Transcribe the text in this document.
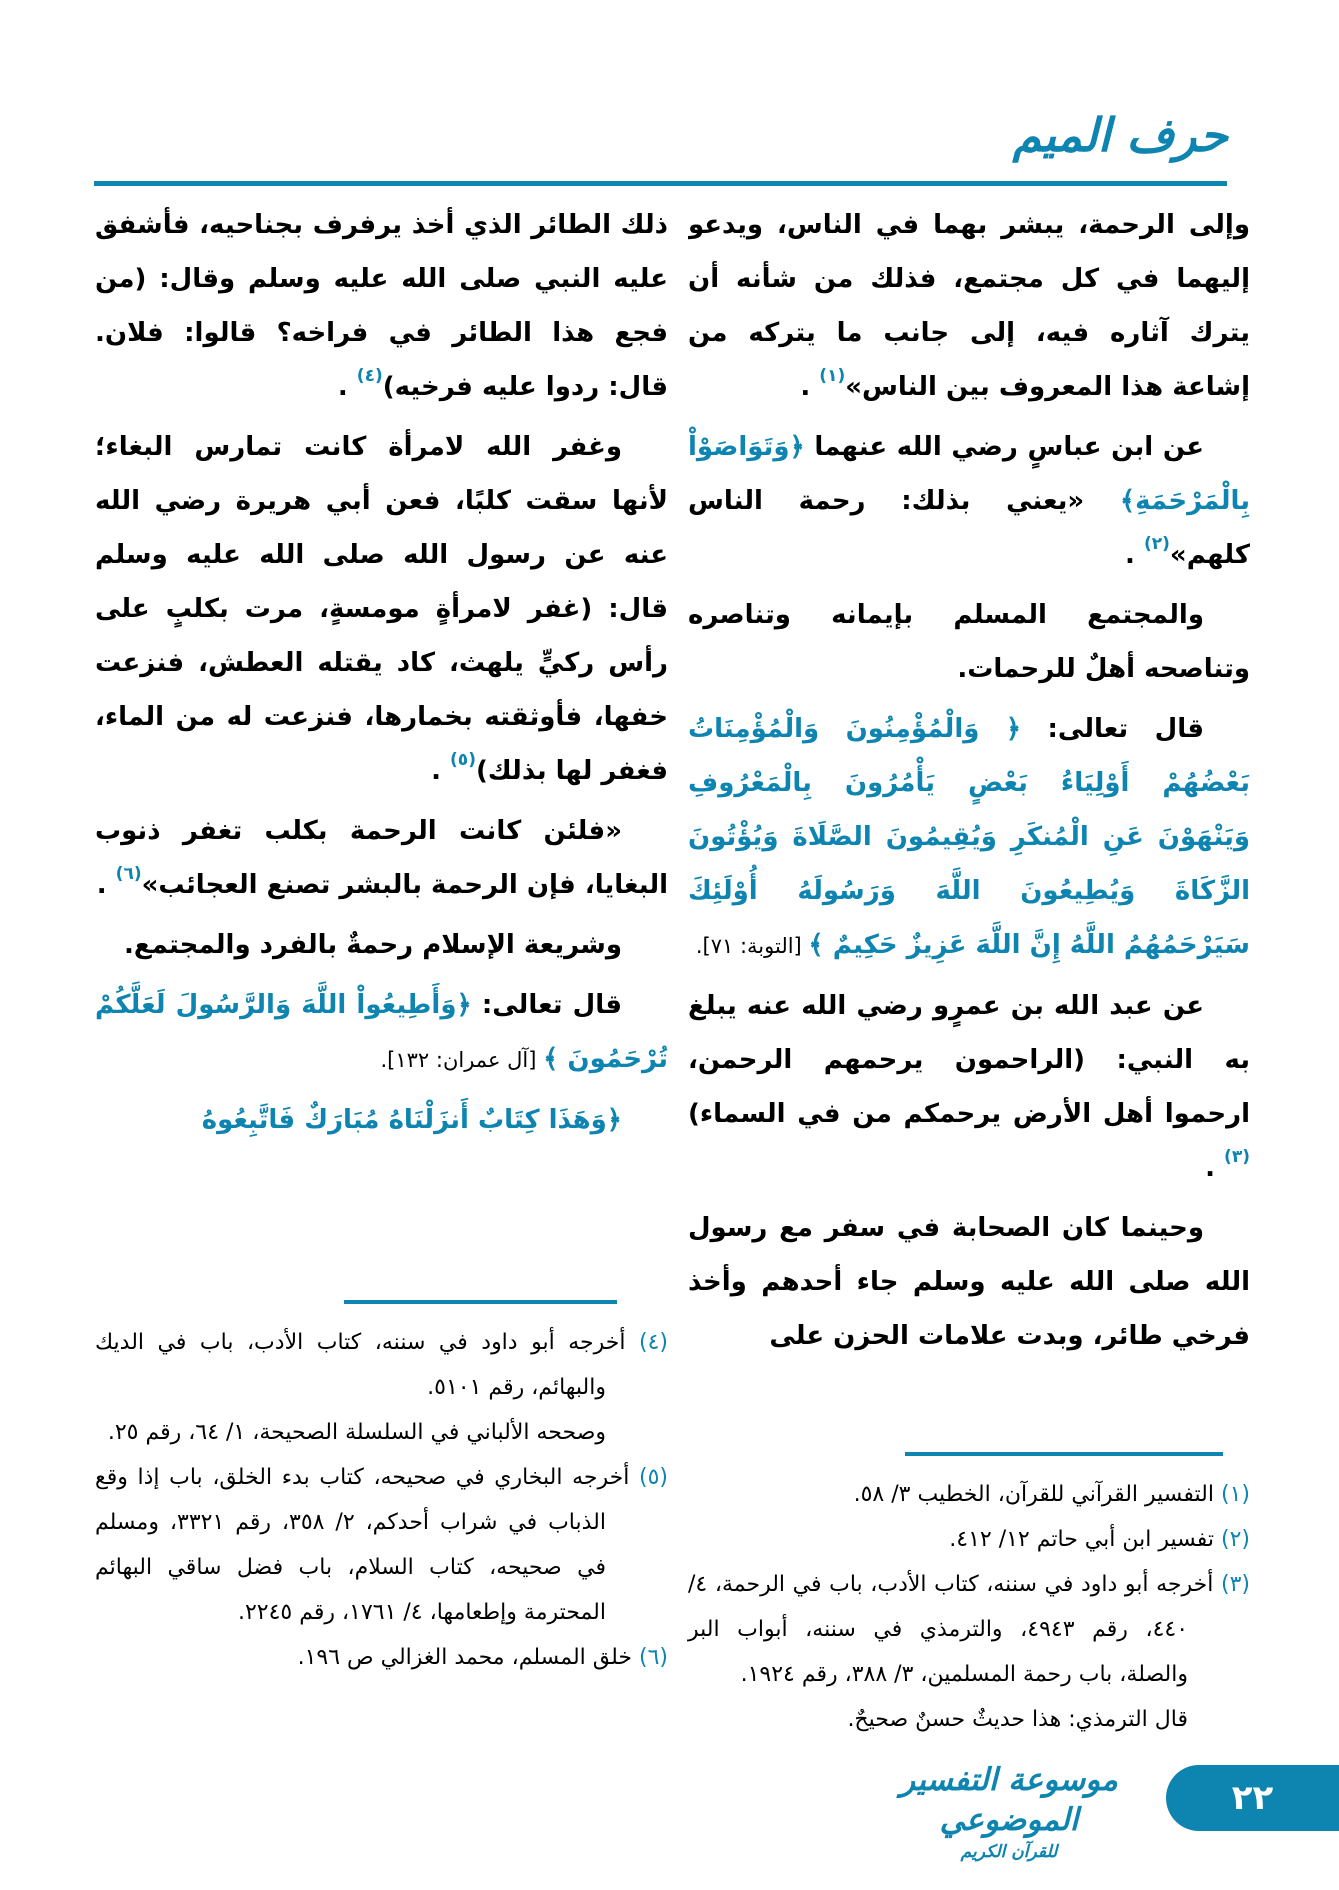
حرف الميم

وإلى الرحمة، يبشر بهما في الناس، ويدعو إليهما في كل مجتمع، فذلك من شأنه أن يترك آثاره فيه، إلى جانب ما يتركه من إشاعة هذا المعروف بين الناس»$^{(١)}$ .

عن ابن عباسٍ رضي الله عنهما ﴿وَتَوَاصَوْاْ بِالْمَرْحَمَةِ﴾ «يعني بذلك: رحمة الناس كلهم»$^{(٢)}$ .

والمجتمع المسلم بإيمانه وتناصره وتناصحه أهلٌ للرحمات.

قال تعالى: ﴿ وَالْمُؤْمِنُونَ وَالْمُؤْمِنَاتُ بَعْضُهُمْ أَوْلِيَاءُ بَعْضٍ يَأْمُرُونَ بِالْمَعْرُوفِ وَيَنْهَوْنَ عَنِ الْمُنكَرِ وَيُقِيمُونَ الصَّلَاةَ وَيُؤْتُونَ الزَّكَاةَ وَيُطِيعُونَ اللَّهَ وَرَسُولَهُ أُوْلَئِكَ سَيَرْحَمُهُمُ اللَّهُ إِنَّ اللَّهَ عَزِيزٌ حَكِيمٌ ﴾ [التوبة: ٧١].

عن عبد الله بن عمرٍو رضي الله عنه يبلغ به النبي: (الراحمون يرحمهم الرحمن، ارحموا أهل الأرض يرحمكم من في السماء)$^{(٣)}$ .

وحينما كان الصحابة في سفر مع رسول الله صلى الله عليه وسلم جاء أحدهم وأخذ فرخي طائر، وبدت علامات الحزن على

ذلك الطائر الذي أخذ يرفرف بجناحيه، فأشفق عليه النبي صلى الله عليه وسلم وقال: (من فجع هذا الطائر في فراخه؟ قالوا: فلان. قال: ردوا عليه فرخيه)$^{(٤)}$ .

وغفر الله لامرأة كانت تمارس البغاء؛ لأنها سقت كلبًا، فعن أبي هريرة رضي الله عنه عن رسول الله صلى الله عليه وسلم قال: (غفر لامرأةٍ مومسةٍ، مرت بكلبٍ على رأس ركيٍّ يلهث، كاد يقتله العطش، فنزعت خفها، فأوثقته بخمارها، فنزعت له من الماء، فغفر لها بذلك)$^{(٥)}$ .

«فلئن كانت الرحمة بكلب تغفر ذنوب البغايا، فإن الرحمة بالبشر تصنع العجائب»$^{(٦)}$ .

وشريعة الإسلام رحمةٌ بالفرد والمجتمع.

قال تعالى: ﴿وَأَطِيعُواْ اللَّهَ وَالرَّسُولَ لَعَلَّكُمْ تُرْحَمُونَ ﴾ [آل عمران: ١٣٢].

﴿وَهَذَا كِتَابٌ أَنزَلْنَاهُ مُبَارَكٌ فَاتَّبِعُوهُ

(١) التفسير القرآني للقرآن، الخطيب ٣/ ٥٨.
(٢) تفسير ابن أبي حاتم ١٢/ ٤١٢.
(٣) أخرجه أبو داود في سننه، كتاب الأدب، باب في الرحمة، ٤/ ٤٤٠، رقم ٤٩٤٣، والترمذي في سننه، أبواب البر والصلة، باب رحمة المسلمين، ٣/ ٣٨٨، رقم ١٩٢٤.
قال الترمذي: هذا حديثٌ حسنٌ صحيحٌ.
(٤) أخرجه أبو داود في سننه، كتاب الأدب، باب في الديك والبهائم، رقم ٥١٠١.
وصححه الألباني في السلسلة الصحيحة، ١/ ٦٤، رقم ٢٥.
(٥) أخرجه البخاري في صحيحه، كتاب بدء الخلق، باب إذا وقع الذباب في شراب أحدكم، ٢/ ٣٥٨، رقم ٣٣٢١، ومسلم في صحيحه، كتاب السلام، باب فضل ساقي البهائم المحترمة وإطعامها، ٤/ ١٧٦١، رقم ٢٢٤٥.
(٦) خلق المسلم، محمد الغزالي ص ١٩٦.
موسوعة التفسير الموضوعي
للقرآن الكريم
٢٢
